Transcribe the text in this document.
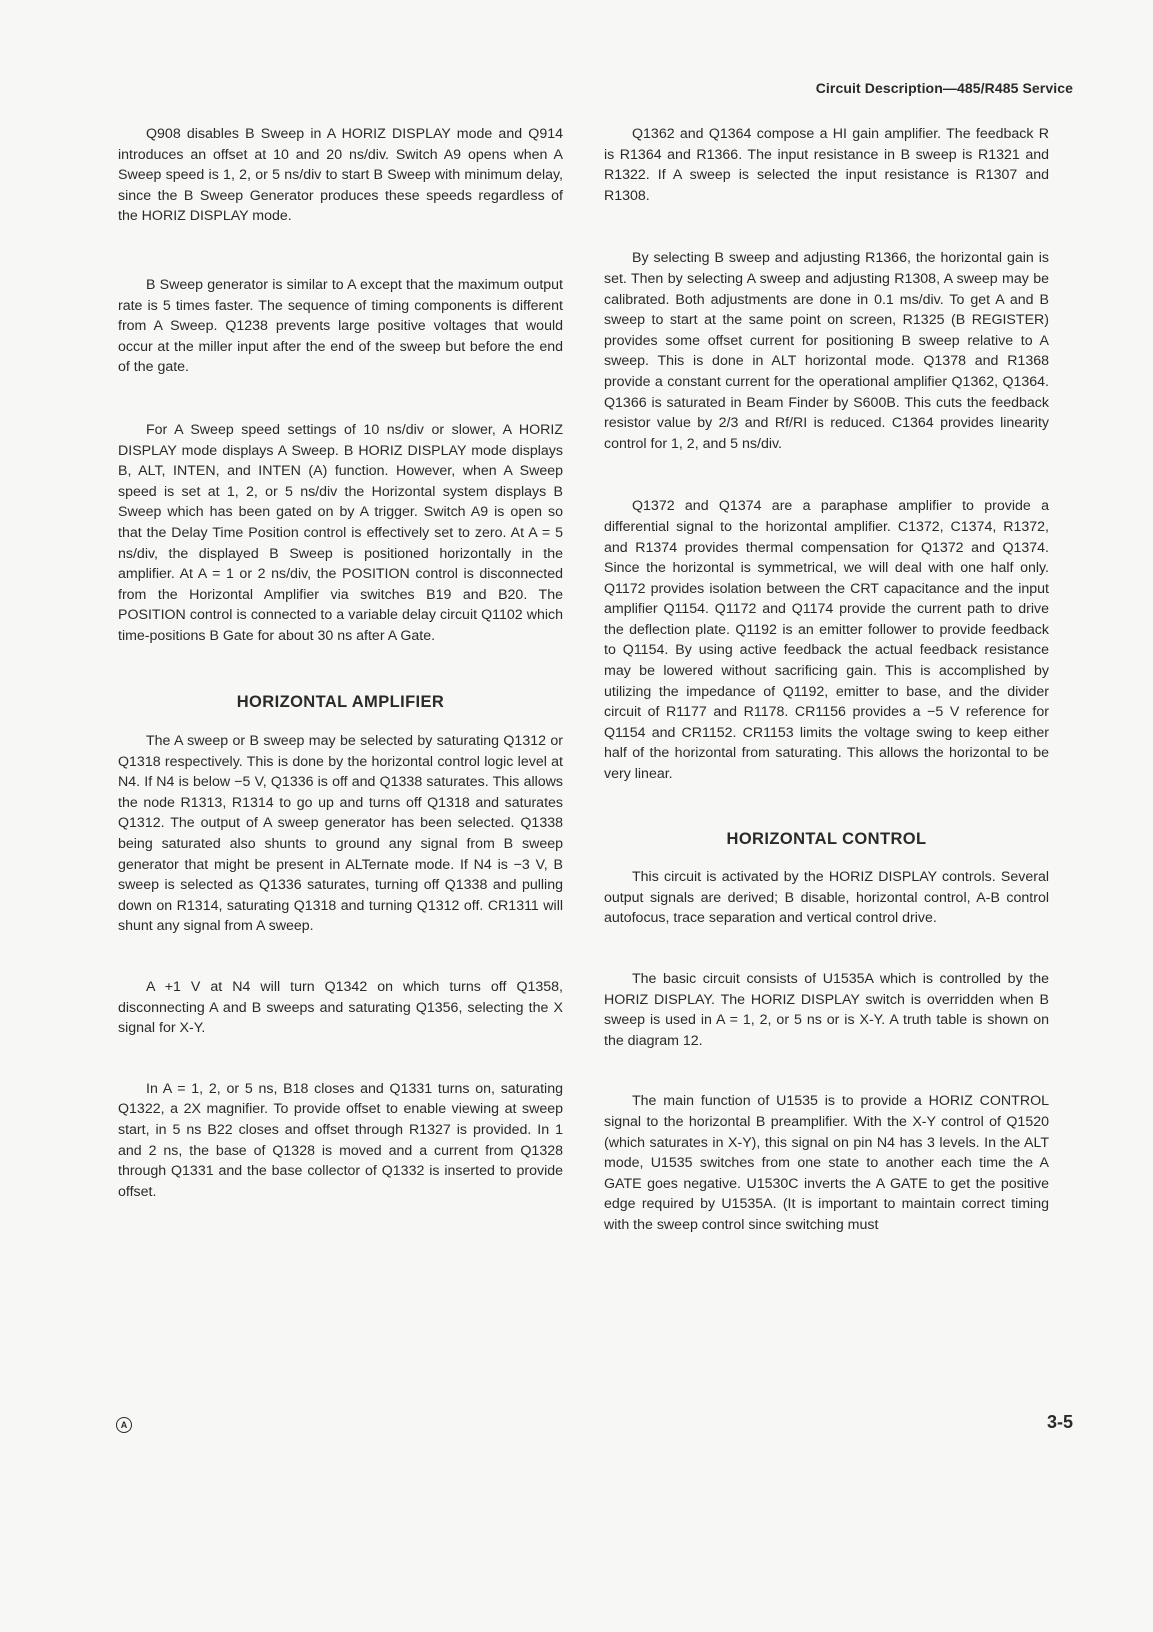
Circuit Description—485/R485 Service

Q908 disables B Sweep in A HORIZ DISPLAY mode and Q914 introduces an offset at 10 and 20 ns/div. Switch A9 opens when A Sweep speed is 1, 2, or 5 ns/div to start B Sweep with minimum delay, since the B Sweep Generator produces these speeds regardless of the HORIZ DISPLAY mode.

B Sweep generator is similar to A except that the maximum output rate is 5 times faster. The sequence of timing components is different from A Sweep. Q1238 prevents large positive voltages that would occur at the miller input after the end of the sweep but before the end of the gate.

For A Sweep speed settings of 10 ns/div or slower, A HORIZ DISPLAY mode displays A Sweep. B HORIZ DISPLAY mode displays B, ALT, INTEN, and INTEN (A) function. However, when A Sweep speed is set at 1, 2, or 5 ns/div the Horizontal system displays B Sweep which has been gated on by A trigger. Switch A9 is open so that the Delay Time Position control is effectively set to zero. At A = 5 ns/div, the displayed B Sweep is positioned horizontally in the amplifier. At A = 1 or 2 ns/div, the POSITION control is disconnected from the Horizontal Amplifier via switches B19 and B20. The POSITION control is connected to a variable delay circuit Q1102 which time-positions B Gate for about 30 ns after A Gate.

HORIZONTAL AMPLIFIER

The A sweep or B sweep may be selected by saturating Q1312 or Q1318 respectively. This is done by the horizontal control logic level at N4. If N4 is below −5 V, Q1336 is off and Q1338 saturates. This allows the node R1313, R1314 to go up and turns off Q1318 and saturates Q1312. The output of A sweep generator has been selected. Q1338 being saturated also shunts to ground any signal from B sweep generator that might be present in ALTernate mode. If N4 is −3 V, B sweep is selected as Q1336 saturates, turning off Q1338 and pulling down on R1314, saturating Q1318 and turning Q1312 off. CR1311 will shunt any signal from A sweep.

A +1 V at N4 will turn Q1342 on which turns off Q1358, disconnecting A and B sweeps and saturating Q1356, selecting the X signal for X-Y.

In A = 1, 2, or 5 ns, B18 closes and Q1331 turns on, saturating Q1322, a 2X magnifier. To provide offset to enable viewing at sweep start, in 5 ns B22 closes and offset through R1327 is provided. In 1 and 2 ns, the base of Q1328 is moved and a current from Q1328 through Q1331 and the base collector of Q1332 is inserted to provide offset.

Q1362 and Q1364 compose a HI gain amplifier. The feedback R is R1364 and R1366. The input resistance in B sweep is R1321 and R1322. If A sweep is selected the input resistance is R1307 and R1308.

By selecting B sweep and adjusting R1366, the horizontal gain is set. Then by selecting A sweep and adjusting R1308, A sweep may be calibrated. Both adjustments are done in 0.1 ms/div. To get A and B sweep to start at the same point on screen, R1325 (B REGISTER) provides some offset current for positioning B sweep relative to A sweep. This is done in ALT horizontal mode. Q1378 and R1368 provide a constant current for the operational amplifier Q1362, Q1364. Q1366 is saturated in Beam Finder by S600B. This cuts the feedback resistor value by 2/3 and Rf/RI is reduced. C1364 provides linearity control for 1, 2, and 5 ns/div.

Q1372 and Q1374 are a paraphase amplifier to provide a differential signal to the horizontal amplifier. C1372, C1374, R1372, and R1374 provides thermal compensation for Q1372 and Q1374. Since the horizontal is symmetrical, we will deal with one half only. Q1172 provides isolation between the CRT capacitance and the input amplifier Q1154. Q1172 and Q1174 provide the current path to drive the deflection plate. Q1192 is an emitter follower to provide feedback to Q1154. By using active feedback the actual feedback resistance may be lowered without sacrificing gain. This is accomplished by utilizing the impedance of Q1192, emitter to base, and the divider circuit of R1177 and R1178. CR1156 provides a −5 V reference for Q1154 and CR1152. CR1153 limits the voltage swing to keep either half of the horizontal from saturating. This allows the horizontal to be very linear.

HORIZONTAL CONTROL

This circuit is activated by the HORIZ DISPLAY controls. Several output signals are derived; B disable, horizontal control, A-B control autofocus, trace separation and vertical control drive.

The basic circuit consists of U1535A which is controlled by the HORIZ DISPLAY. The HORIZ DISPLAY switch is overridden when B sweep is used in A = 1, 2, or 5 ns or is X-Y. A truth table is shown on the diagram 12.

The main function of U1535 is to provide a HORIZ CONTROL signal to the horizontal B preamplifier. With the X-Y control of Q1520 (which saturates in X-Y), this signal on pin N4 has 3 levels. In the ALT mode, U1535 switches from one state to another each time the A GATE goes negative. U1530C inverts the A GATE to get the positive edge required by U1535A. (It is important to maintain correct timing with the sweep control since switching must

A	3-5
